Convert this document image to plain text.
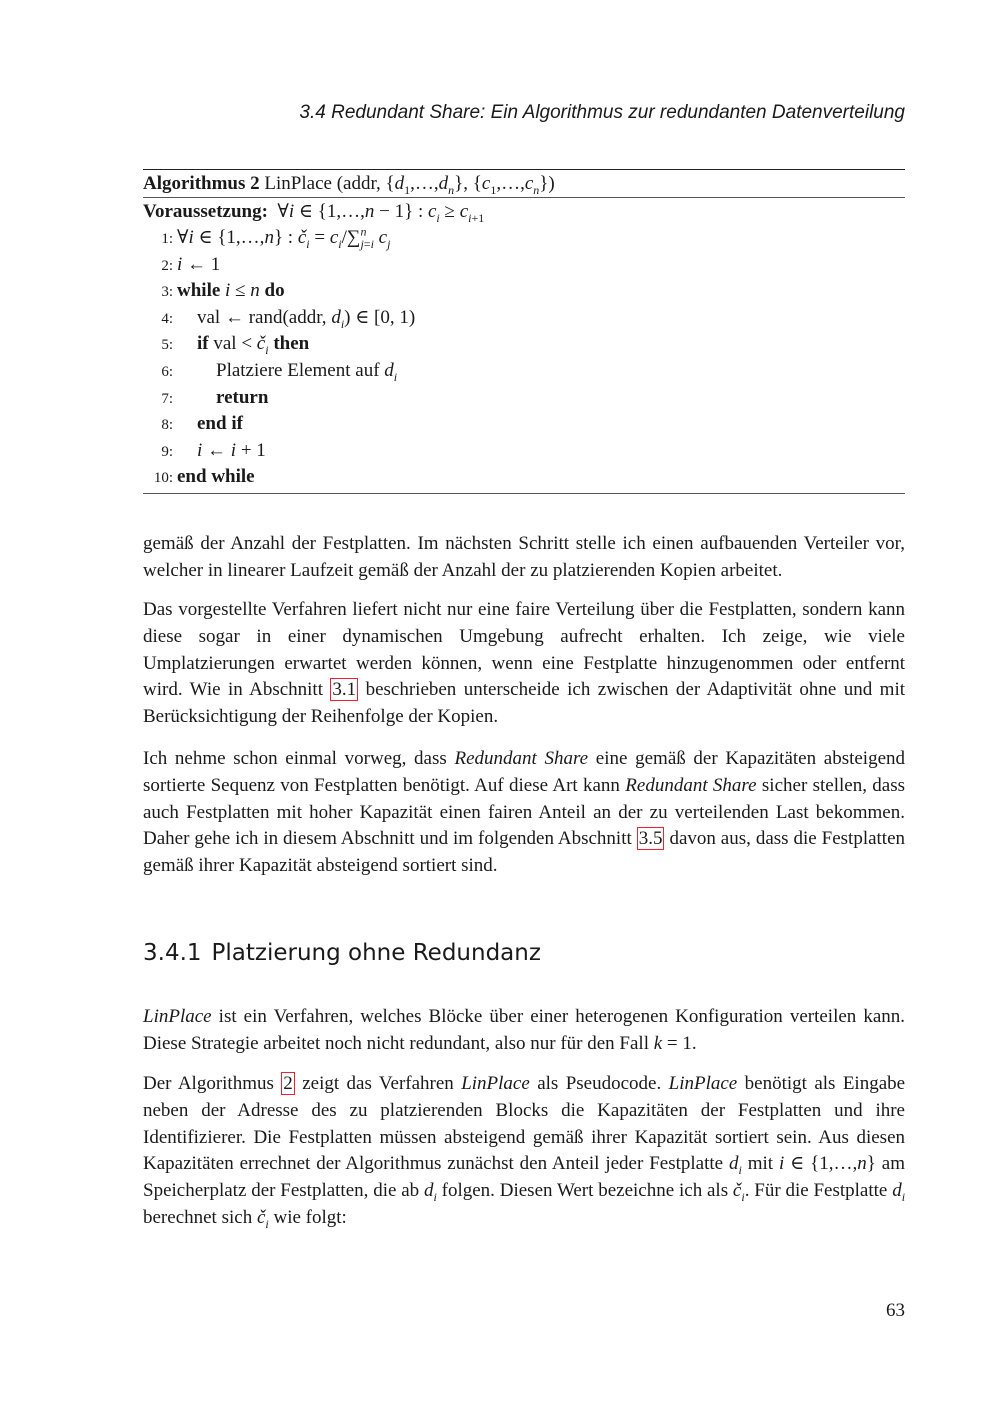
3.4 Redundant Share: Ein Algorithmus zur redundanten Datenverteilung
Algorithmus 2 LinPlace (addr, $\{d_1,\dots,d_n\}$, $\{c_1,\dots,c_n\}$)
Voraussetzung:  ∀i ∈ {1,…,n − 1} : $c_i \ge c_{i+1}$
1: ∀i ∈ {1,…,n} : $č_i = c_i/\sum^n_{j=i}$ $c_j$
2: i ← 1
3: while i ≤ n do
4: val ← rand(addr, $d_i$) ∈ [0, 1)
5: if val < $č_i$ then
6: Platziere Element auf $d_i$
7: return
8: end if
9: i ← i + 1
10: end while

gemäß der Anzahl der Festplatten. Im nächsten Schritt stelle ich einen aufbauenden Verteiler vor, welcher in linearer Laufzeit gemäß der Anzahl der zu platzierenden Kopien arbeitet.

Das vorgestellte Verfahren liefert nicht nur eine faire Verteilung über die Festplatten, sondern kann diese sogar in einer dynamischen Umgebung aufrecht erhalten. Ich zeige, wie viele Umplatzierungen erwartet werden können, wenn eine Festplatte hinzugenommen oder entfernt wird. Wie in Abschnitt 3.1 beschrieben unterscheide ich zwischen der Adaptivität ohne und mit Berücksichtigung der Reihenfolge der Kopien.

Ich nehme schon einmal vorweg, dass Redundant Share eine gemäß der Kapazitäten absteigend sortierte Sequenz von Festplatten benötigt. Auf diese Art kann Redundant Share sicher stellen, dass auch Festplatten mit hoher Kapazität einen fairen Anteil an der zu verteilenden Last bekommen. Daher gehe ich in diesem Abschnitt und im folgenden Abschnitt 3.5 davon aus, dass die Festplatten gemäß ihrer Kapazität absteigend sortiert sind.

3.4.1 Platzierung ohne Redundanz

LinPlace ist ein Verfahren, welches Blöcke über einer heterogenen Konfiguration verteilen kann. Diese Strategie arbeitet noch nicht redundant, also nur für den Fall k = 1.

Der Algorithmus 2 zeigt das Verfahren LinPlace als Pseudocode. LinPlace benötigt als Eingabe neben der Adresse des zu platzierenden Blocks die Kapazitäten der Festplatten und ihre Identifizierer. Die Festplatten müssen absteigend gemäß ihrer Kapazität sortiert sein. Aus diesen Kapazitäten errechnet der Algorithmus zunächst den Anteil jeder Festplatte $d_i$ mit i ∈ {1,…,n} am Speicherplatz der Festplatten, die ab $d_i$ folgen. Diesen Wert bezeichne ich als $č_i$. Für die Festplatte $d_i$ berechnet sich $č_i$ wie folgt:

63
